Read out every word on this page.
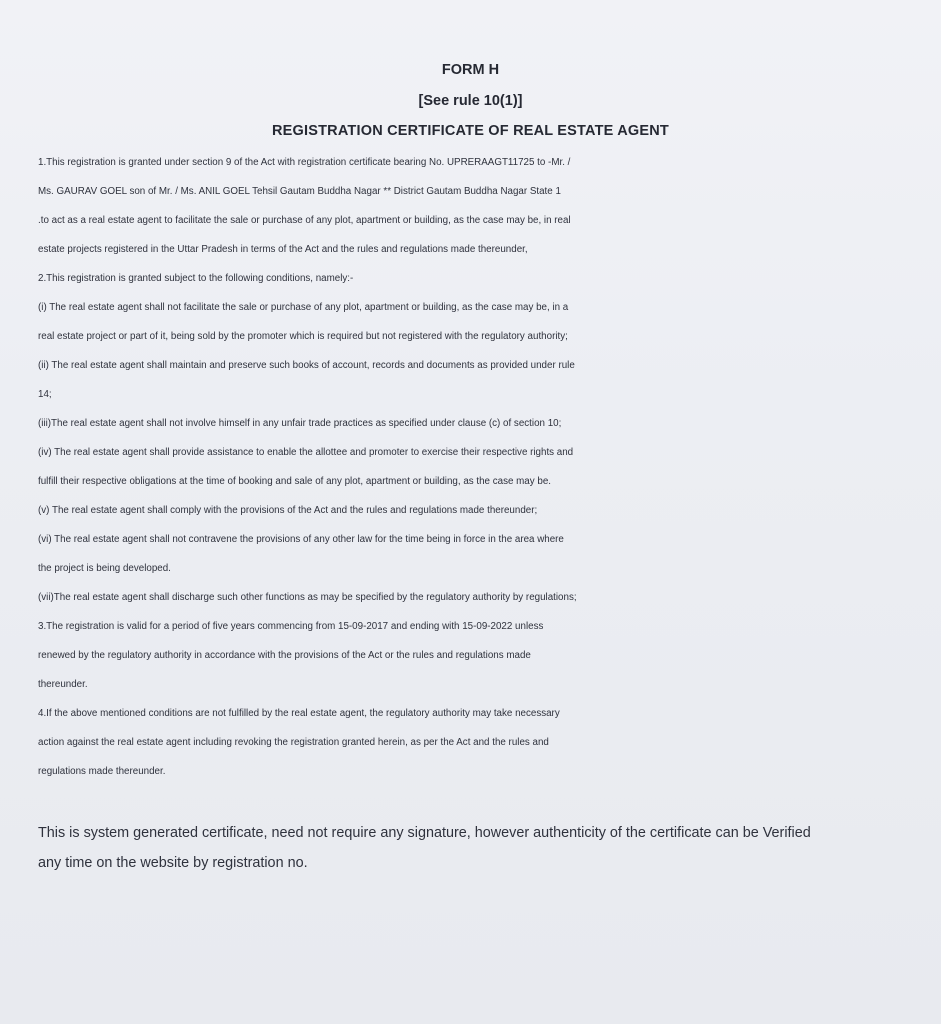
FORM H
[See rule 10(1)]
REGISTRATION CERTIFICATE OF REAL ESTATE AGENT

1.This registration is granted under section 9 of the Act with registration certificate bearing No. UPRERAAGT11725 to -Mr. /

Ms. GAURAV GOEL son of Mr. / Ms. ANIL GOEL Tehsil Gautam Buddha Nagar ** District Gautam Buddha Nagar State 1

.to act as a real estate agent to facilitate the sale or purchase of any plot, apartment or building, as the case may be, in real

estate projects registered in the Uttar Pradesh in terms of the Act and the rules and regulations made thereunder,

2.This registration is granted subject to the following conditions, namely:-

(i) The real estate agent shall not facilitate the sale or purchase of any plot, apartment or building, as the case may be, in a

real estate project or part of it, being sold by the promoter which is required but not registered with the regulatory authority;

(ii) The real estate agent shall maintain and preserve such books of account, records and documents as provided under rule

14;

(iii)The real estate agent shall not involve himself in any unfair trade practices as specified under clause (c) of section 10;

(iv) The real estate agent shall provide assistance to enable the allottee and promoter to exercise their respective rights and

fulfill their respective obligations at the time of booking and sale of any plot, apartment or building, as the case may be.

(v) The real estate agent shall comply with the provisions of the Act and the rules and regulations made thereunder;

(vi) The real estate agent shall not contravene the provisions of any other law for the time being in force in the area where

the project is being developed.

(vii)The real estate agent shall discharge such other functions as may be specified by the regulatory authority by regulations;

3.The registration is valid for a period of five years commencing from 15-09-2017 and ending with 15-09-2022 unless

renewed by the regulatory authority in accordance with the provisions of the Act or the rules and regulations made

thereunder.

4.If the above mentioned conditions are not fulfilled by the real estate agent, the regulatory authority may take necessary

action against the real estate agent including revoking the registration granted herein, as per the Act and the rules and

regulations made thereunder.

This is system generated certificate, need not require any signature, however authenticity of the certificate can be Verified

any time on the website by registration no.
